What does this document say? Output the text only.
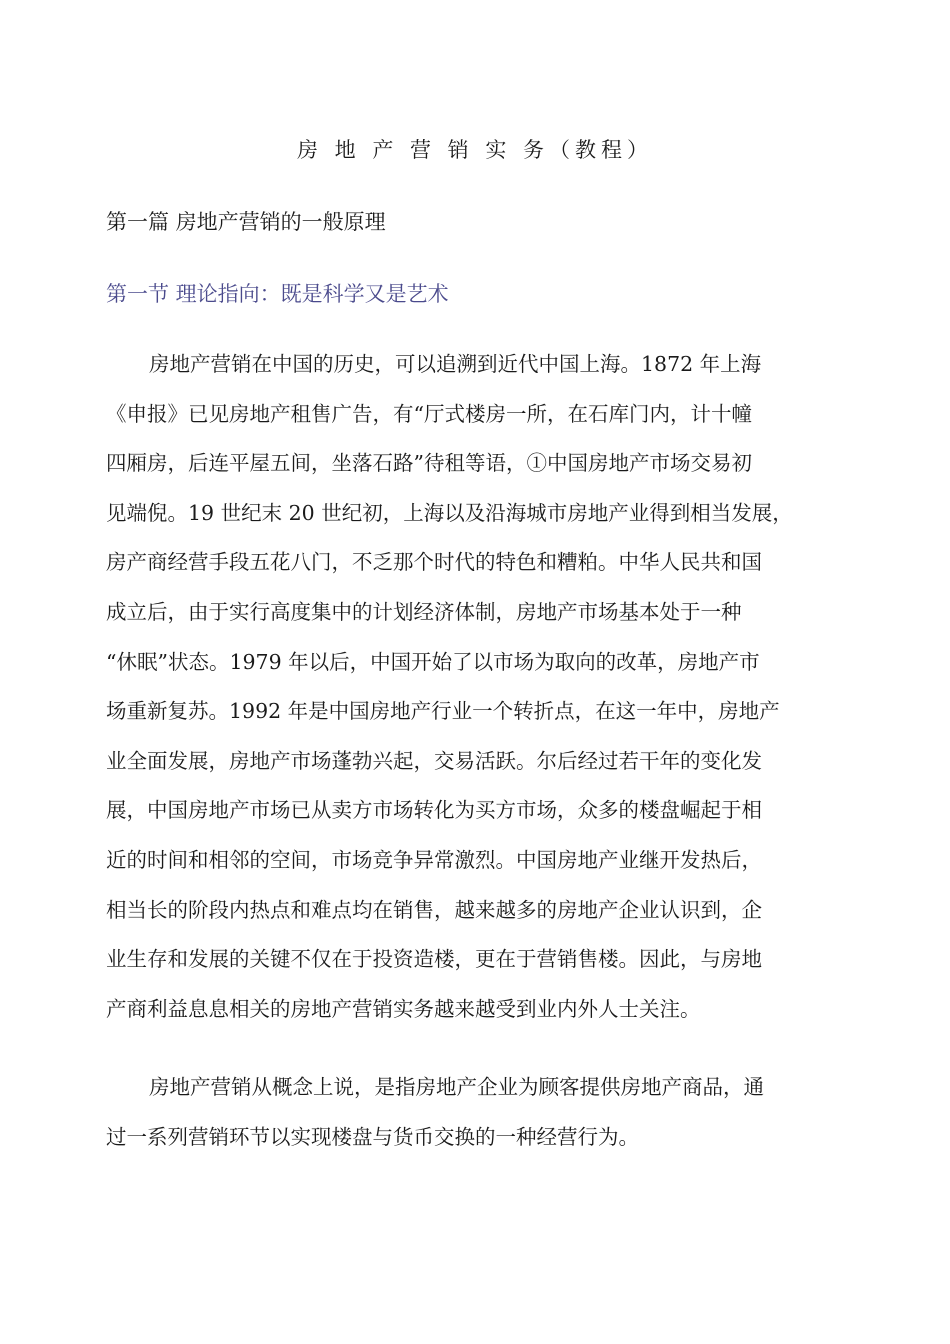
房 地 产 营 销 实 务（教程）
第一篇 房地产营销的一般原理
第一节 理论指向：既是科学又是艺术
房地产营销在中国的历史，可以追溯到近代中国上海。1872 年上海
《申报》已见房地产租售广告，有“厅式楼房一所，在石库门内，计十幢
四厢房，后连平屋五间，坐落石路”待租等语，①中国房地产市场交易初
见端倪。19 世纪末 20 世纪初，上海以及沿海城市房地产业得到相当发展，
房产商经营手段五花八门，不乏那个时代的特色和糟粕。中华人民共和国
成立后，由于实行高度集中的计划经济体制，房地产市场基本处于一种
“休眠”状态。1979 年以后，中国开始了以市场为取向的改革，房地产市
场重新复苏。1992 年是中国房地产行业一个转折点，在这一年中，房地产
业全面发展，房地产市场蓬勃兴起，交易活跃。尔后经过若干年的变化发
展，中国房地产市场已从卖方市场转化为买方市场，众多的楼盘崛起于相
近的时间和相邻的空间，市场竞争异常激烈。中国房地产业继开发热后，
相当长的阶段内热点和难点均在销售，越来越多的房地产企业认识到，企
业生存和发展的关键不仅在于投资造楼，更在于营销售楼。因此，与房地
产商利益息息相关的房地产营销实务越来越受到业内外人士关注。
房地产营销从概念上说，是指房地产企业为顾客提供房地产商品，通
过一系列营销环节以实现楼盘与货币交换的一种经营行为。
